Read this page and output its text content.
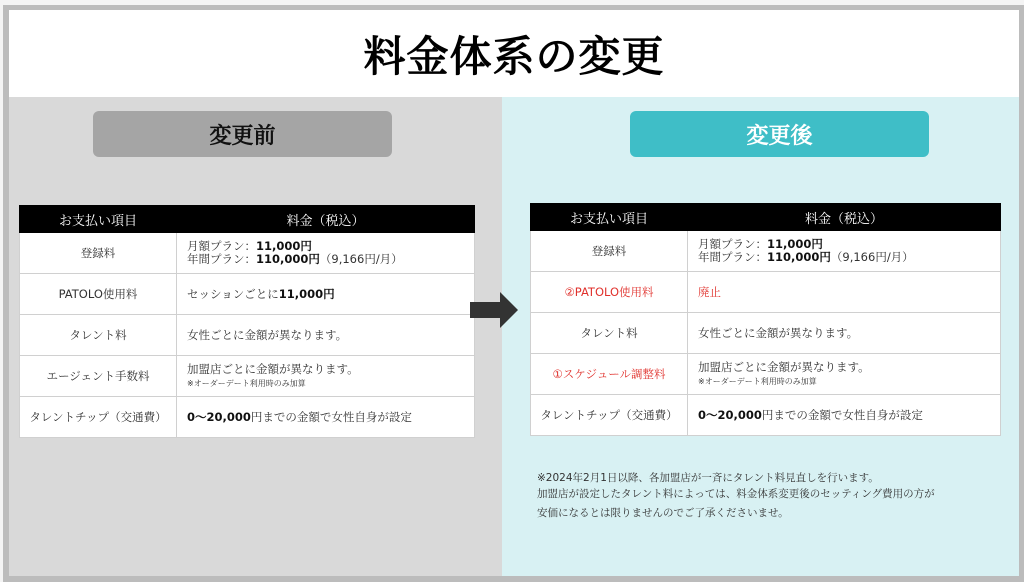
料金体系の変更
変更前
お支払い項目	料金（税込）
登録料	月額プラン：11,000円
年間プラン：110,000円（9,166円/月）
PATOLO使用料	セッションごとに11,000円
タレント料	女性ごとに金額が異なります。
エージェント手数料	加盟店ごとに金額が異なります。
※オーダーデート利用時のみ加算

タレントチップ（交通費）	0〜20,000円までの金額で女性自身が設定
変更後
お支払い項目	料金（税込）
登録料	月額プラン：11,000円
年間プラン：110,000円（9,166円/月）
②PATOLO使用料	廃止
タレント料	女性ごとに金額が異なります。
①スケジュール調整料	加盟店ごとに金額が異なります。
※オーダーデート利用時のみ加算

タレントチップ（交通費）	0〜20,000円までの金額で女性自身が設定
※2024年2月1日以降、各加盟店が一斉にタレント料見直しを行います。
加盟店が設定したタレント料によっては、料金体系変更後のセッティング費用の方が
安価になるとは限りませんのでご了承くださいませ。
